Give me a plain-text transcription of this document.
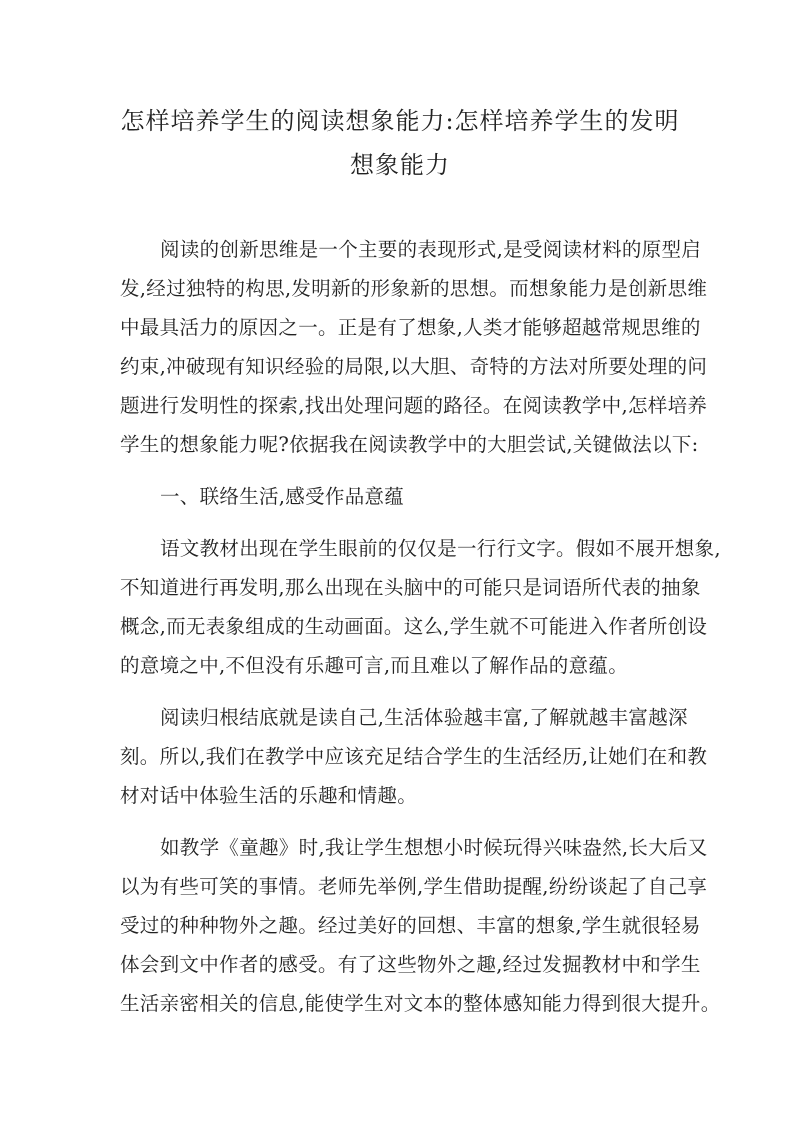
怎样培养学生的阅读想象能力:怎样培养学生的发明
想象能力

阅读的创新思维是一个主要的表现形式,是受阅读材料的原型启

发,经过独特的构思,发明新的形象新的思想。而想象能力是创新思维

中最具活力的原因之一。正是有了想象,人类才能够超越常规思维的

约束,冲破现有知识经验的局限,以大胆、奇特的方法对所要处理的问

题进行发明性的探索,找出处理问题的路径。在阅读教学中,怎样培养

学生的想象能力呢?依据我在阅读教学中的大胆尝试,关键做法以下:

一、联络生活,感受作品意蕴

语文教材出现在学生眼前的仅仅是一行行文字。假如不展开想象,

不知道进行再发明,那么出现在头脑中的可能只是词语所代表的抽象

概念,而无表象组成的生动画面。这么,学生就不可能进入作者所创设

的意境之中,不但没有乐趣可言,而且难以了解作品的意蕴。

阅读归根结底就是读自己,生活体验越丰富,了解就越丰富越深

刻。所以,我们在教学中应该充足结合学生的生活经历,让她们在和教

材对话中体验生活的乐趣和情趣。

如教学《童趣》时,我让学生想想小时候玩得兴味盎然,长大后又

以为有些可笑的事情。老师先举例,学生借助提醒,纷纷谈起了自己享

受过的种种物外之趣。经过美好的回想、丰富的想象,学生就很轻易

体会到文中作者的感受。有了这些物外之趣,经过发掘教材中和学生

生活亲密相关的信息,能使学生对文本的整体感知能力得到很大提升。
